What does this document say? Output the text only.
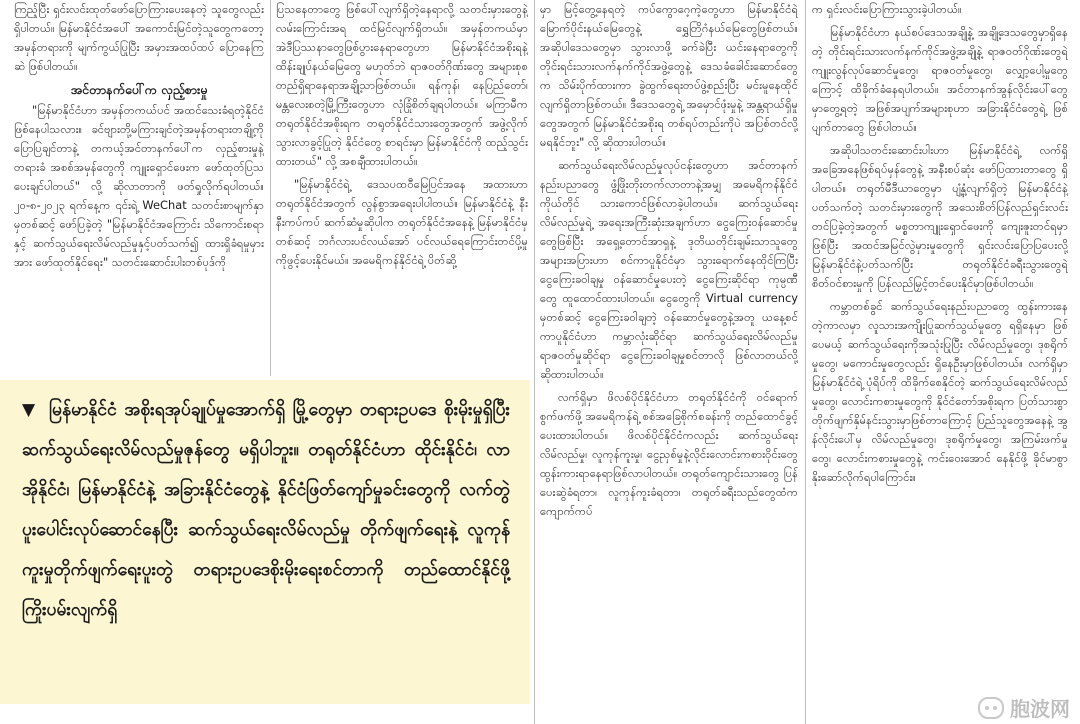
ကြည့်ပြီး ရှင်းလင်းထုတ်ဖော်ပြောကြားပေးနေတဲ့ သူတွေလည်းရှိပါတယ်။ မြန်မာနိုင်ငံအပေါ် အကောင်းမြင်တဲ့သူတွေကတော့ အမှန်တရားကို မျက်ကွယ်ပြုပြီး အမှားအထပ်ထပ် ပြောနေကြဆဲ ဖြစ်ပါတယ်။

အင်တာနက်ပေါ်က လှည့်စားမှု

"မြန်မာနိုင်ငံဟာ အမှန်တကယ်ပင် အထင်သေးခံရတဲ့နိုင်ငံဖြစ်နေပါသလား။ ခင်ဗျားတို့မကြားချင်တဲ့အမှန်တရားတချို့ကို ပြောပြချင်တာနဲ့ တကယ့်အင်တာနက်ပေါ်က လှည့်စားမှုနဲ့ တရားခံ အစစ်အမှန်တွေကို ကျူးရှောင်ဖေးက ဖော်ထုတ်ပြသပေးချင်ပါတယ်" လို့ ဆိုလာတာကို ဖတ်ရှုလိုက်ရပါတယ်။ ၂၀-၈-၂၀၂၃ ရက်နေ့က ၎င်းရဲ့ WeChat သတင်းစာမျက်နှာမှတစ်ဆင့် ဖော်ပြခဲ့တဲ့ "မြန်မာနိုင်ငံအကြောင်း သိကောင်းစရာနှင့် ဆက်သွယ်ရေးလိမ်လည်မှုနှင့်ပတ်သက်၍ ထားရှိခံရမှုမှားအား ဖော်ထုတ်နိုင်ရေး" သတင်းဆောင်းပါးတစ်ပုဒ်ကို

ပြသနေတာတွေ ဖြစ်ပေါ်လျက်ရှိတဲ့နေရာလို့ သတင်းမှားတွေနဲ့ လမ်းကြောင်းအရ ထင်မြင်လျက်ရှိတယ်။ အမှန်တကယ်မှာ အဲဒီပြဿနာတွေဖြစ်ပွားနေရာတွေဟာ မြန်မာနိုင်ငံအစိုးရနဲ့ ထိန်းချုပ်နယ်မြေတွေ မဟုတ်ဘဲ ရာဇဝတ်ဂိုဏ်းတွေ အများစုစတည်ရှိရာနေရာအချို့သာဖြစ်တယ်။ ရန်ကုန်၊ နေပြည်တော်၊ မန္တလေးစတဲ့မြို့ကြီးတွေဟာ လုံခြုံစိတ်ချရပါတယ်။ မကြာမီက တရုတ်နိုင်ငံအစိုးရက တရုတ်နိုင်ငံသားတွေအတွက် အဖွဲ့လိုက်သွားလာခွင့်ပြုတဲ့ နိုင်ငံတွေ စာရင်းမှာ မြန်မာနိုင်ငံကို ထည့်သွင်းထားတယ်" လို့ အစချီထားပါတယ်။

"မြန်မာနိုင်ငံရဲ့ ဒေသပထဝီမြေပြင်အနေ အထားဟာ တရုတ်နိုင်ငံအတွက် လွန်စွာအရေးပါပါတယ်။ မြန်မာနိုင်ငံနဲ့ နီးနီးကပ်ကပ် ဆက်ဆံမှုဆိုပါက တရုတ်နိုင်ငံအနေနဲ့ မြန်မာနိုင်ငံမှတစ်ဆင့် ဘင်္ဂလားပင်လယ်အော် ပင်လယ်ရေကြောင်းတင်ပို့မှုကိုဖွင့်ပေးနိုင်မယ်။ အမေရိကန်နိုင်ငံရဲ့ ပိတ်ဆို့

မှာ မြင့်တွေ့နေရတဲ့ ကပ်ကွောဂေ့ကဲ့တွေဟာ မြန်မာနိုင်ငံရဲ့ မြောက်ပိုင်းနယ်မြေတွေနဲ့ ရွှေတြိဂံနယ်မြေတွေဖြစ်တယ်။ အဆိုပါဒေသတွေမှာ သွားလာဖို့ ခက်ခဲပြီး ယင်းနေရာတွေကို တိုင်းရင်းသားလက်နက်ကိုင်အဖွဲ့တွေနဲ့ ဒေသခံခေါင်းဆောင်တွေက သိမ်းပိုက်ထားကာ ခွဲထွက်ရေးတပ်ဖွဲ့စည်းပြီး မင်းမူနေထိုင်လျက်ရှိတာဖြစ်တယ်။ ဒီဒေသတွေရဲ့ အမှောင်ဖုံးမှုနဲ့ အန္တရာယ်ရှိမှုတွေအတွက် မြန်မာနိုင်ငံအစိုးရ တစ်ရပ်တည်းကိုပဲ အပြစ်တင်လို့ မရနိုင်ဘူး" လို့ ဆိုထားပါတယ်။

ဆက်သွယ်ရေးလိမ်လည်မှုလုပ်ငန်းတွေဟာ အင်တာနက်နည်းပညာတွေ ဖွံ့ဖြိုးတိုးတက်လာတာနဲ့အမျှ အမေရိကန်နိုင်ငံကိုယ်တိုင် သားကောင်ဖြစ်လာခဲ့ပါတယ်။ ဆက်သွယ်ရေးလိမ်လည်မှုရဲ့ အရေးအကြီးဆုံးအချက်ဟာ ငွေကြေးဝန်ဆောင်မှုတွေဖြစ်ပြီး အရှေ့တောင်အာရှနဲ့ ဒုတိယတိုင်းချမ်းသာသူတွေ အများအပြားဟာ စင်ကာပူနိုင်ငံမှာ သွားရောက်နေထိုင်ကြပြီး ငွေကြေးခဝါချမှု ဝန်ဆောင်မှုပေးတဲ့ ငွေကြေးဆိုင်ရာ ကုမ္ပဏီတွေ ထူထောင်ထားပါတယ်။ ငွေတွေကို Virtual currency မှတစ်ဆင့် ငွေကြေးခဝါချတဲ့ ဝန်ဆောင်မှုတွေနဲ့အတူ ယနေ့စင်ကာပူနိုင်ငံဟာ ကမ္ဘာလုံးဆိုင်ရာ ဆက်သွယ်ရေးလိမ်လည်မှု ရာဇဝတ်မှုဆိုင်ရာ ငွေကြေးခဝါချမှုစင်တာလို ဖြစ်လာတယ်လို့ ဆိုထားပါတယ်။

လက်ရှိမှာ ဖိလစ်ပိုင်နိုင်ငံဟာ တရုတ်နိုင်ငံကို ဝင်ရောက်စွက်ဖက်ဖို့ အမေရိကန်ရဲ့ စစ်အခြေစိုက်စခန်းကို တည်ထောင်ခွင့်ပေးထားပါတယ်။ ဖိလစ်ပိုင်နိုင်ငံကလည်း ဆက်သွယ်ရေးလိမ်လည်မှု၊ လူကုန်ကူးမှု၊ ငွေညှစ်မှုနဲ့လိုင်းလောင်းကစားဝိုင်းတွေ ထွန်းကားရာနေရာဖြစ်လာပါတယ်။ တရုတ်ကျောင်းသားတွေ ပြန်ပေးဆွဲခံရတာ၊ လူကုန်ကူးခံရတာ၊ တရုတ်ခရီးသည်တွေထံက ကျောက်ကပ်

က ရှင်းလင်းပြောကြားသွားခဲ့ပါတယ်။

မြန်မာနိုင်ငံဟာ နယ်စပ်ဒေသအချို့နဲ့ အချို့ဒေသတွေမှာရှိနေတဲ့ တိုင်းရင်းသားလက်နက်ကိုင်အဖွဲ့အချို့နဲ့ ရာဇဝတ်ဂိုဏ်းတွေရဲ့ ကျူးလွန်လုပ်ဆောင်မှုတွေ၊ ရာဇဝတ်မှုတွေ၊ လျှော့ပေါ့မှုတွေကြောင့် ထိခိုက်ခံနေရပါတယ်။ အင်တာနက်အွန်လိုင်းပေါ်တွေမှာတွေ့ရတဲ့ အဖြစ်အပျက်အများစုဟာ အခြားနိုင်ငံတွေရဲ့ ဖြစ်ပျက်တာတွေ ဖြစ်ပါတယ်။

အဆိုပါသတင်းဆောင်းပါးဟာ မြန်မာနိုင်ငံရဲ့ လက်ရှိအခြေအနေဖြစ်ရပ်မှန်တွေနဲ့ အနီးစပ်ဆုံး ဖော်ပြထားတာတွေ ရှိပါတယ်။ တရုတ်မီဒီယာတွေမှာ ပျံ့နှံ့လျက်ရှိတဲ့ မြန်မာနိုင်ငံနဲ့ပတ်သက်တဲ့ သတင်းမှားတွေကို အသေးစိတ်ပြန်လည်ရှင်းလင်းတင်ပြခဲ့တဲ့အတွက် မစ္စတာကျူးရှောင်ဖေးကို ကျေးဇူးတင်ရမှာဖြစ်ပြီး အထင်အမြင်လွဲမှားမှုတွေကို ရှင်းလင်းပြောပြပေးလို့ မြန်မာနိုင်ငံနဲ့ပတ်သက်ပြီး တရုတ်နိုင်ငံခရီးသွားတွေရဲ့ စိတ်ဝင်စားမှုကို ပြန်လည်မြှင့်တင်ပေးနိုင်မှာဖြစ်ပါတယ်။

ကမ္ဘာတစ်ခွင် ဆက်သွယ်ရေးနည်းပညာတွေ ထွန်းကားနေတဲ့ကာလမှာ လူသားအကျိုးပြုဆက်သွယ်မှုတွေ ရရှိနေမှာ ဖြစ်ပေမယ့် ဆက်သွယ်ရေးကိုအသုံးပြုပြီး လိမ်လည်မှုတွေ၊ ဒုစရိုက်မှုတွေ၊ မကောင်းမှုတွေလည်း ရှိနေဦးမှာဖြစ်ပါတယ်။ လက်ရှိမှာ မြန်မာနိုင်ငံရဲ့ ပုံရိပ်ကို ထိခိုက်စေနိုင်တဲ့ ဆက်သွယ်ရေးလိမ်လည်မှုတွေ၊ လောင်းကစားမှုတွေကို နိုင်ငံတော်အစိုးရက ပြတ်သားစွာ တိုက်ဖျက်နှိမ်နင်းသွားမှာဖြစ်တာကြောင့် ပြည်သူတွေအနေနဲ့ အွန်လိုင်းပေါ်မှ လိမ်လည်မှုတွေ၊ ဒုစရိုက်မှုတွေ၊ အကြမ်းဖက်မှုတွေ၊ လောင်းကစားမှုတွေနဲ့ ကင်းဝေးအောင် နေနိုင်ဖို့ ခိုင်မာစွာ နိုးဆော်လိုက်ရပါကြောင်း။

▼ မြန်မာနိုင်ငံ အစိုးရအုပ်ချုပ်မှုအောက်ရှိ မြို့တွေမှာ တရားဥပဒေ စိုးမိုးမှုရှိပြီး ဆက်သွယ်ရေးလိမ်လည်မှုဇုန်တွေ မရှိပါဘူး။ တရုတ်နိုင်ငံဟာ ထိုင်းနိုင်ငံ၊ လာအိုနိုင်ငံ၊ မြန်မာနိုင်ငံနဲ့ အခြားနိုင်ငံတွေနဲ့ နိုင်ငံဖြတ်ကျော်မှုခင်းတွေကို လက်တွဲပူးပေါင်းလုပ်ဆောင်နေပြီး ဆက်သွယ်ရေးလိမ်လည်မှု တိုက်ဖျက်ရေးနဲ့ လူကုန်ကူးမှုတိုက်ဖျက်ရေးပူးတွဲ တရားဥပဒေစိုးမိုးရေးစင်တာကို တည်ထောင်နိုင်ဖို့ ကြိုးပမ်းလျက်ရှိ
胞波网
